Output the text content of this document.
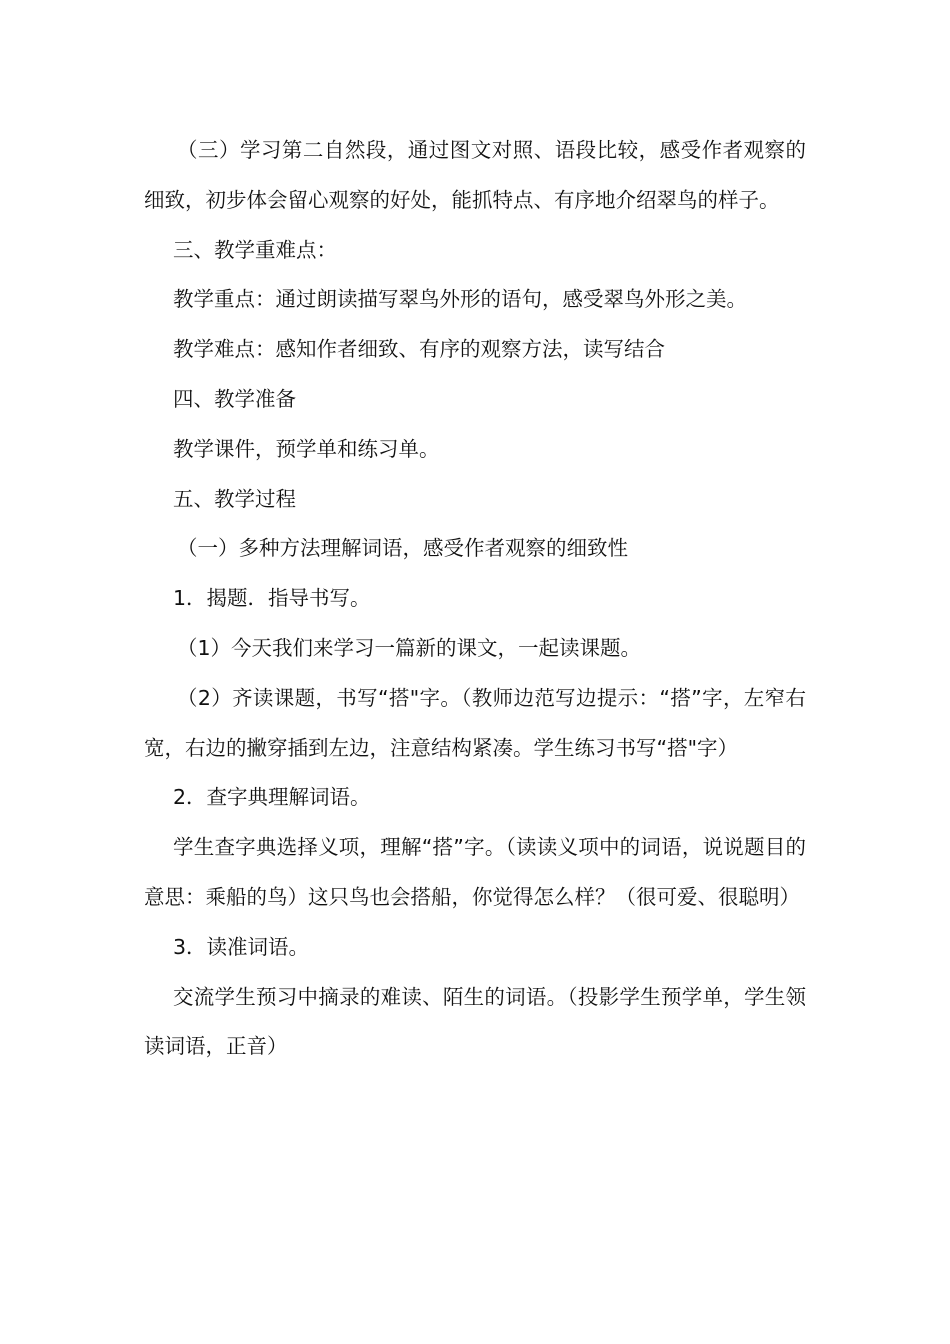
（三）学习第二自然段，通过图文对照、语段比较，感受作者观察的细致，初步体会留心观察的好处，能抓特点、有序地介绍翠鸟的样子。

三、教学重难点：

教学重点：通过朗读描写翠鸟外形的语句，感受翠鸟外形之美。

教学难点：感知作者细致、有序的观察方法，读写结合

四、教学准备

教学课件，预学单和练习单。

五、教学过程

（一）多种方法理解词语，感受作者观察的细致性

1．揭题．指导书写。

（1）今天我们来学习一篇新的课文，一起读课题。

（2）齐读课题，书写“搭"字。（教师边范写边提示：“搭”字，左窄右宽，右边的撇穿插到左边，注意结构紧凑。学生练习书写“搭"字）

2．查字典理解词语。

学生查字典选择义项，理解“搭”字。（读读义项中的词语，说说题目的意思：乘船的鸟）这只鸟也会搭船，你觉得怎么样？（很可爱、很聪明）

3．读准词语。

交流学生预习中摘录的难读、陌生的词语。（投影学生预学单，学生领读词语，正音）
